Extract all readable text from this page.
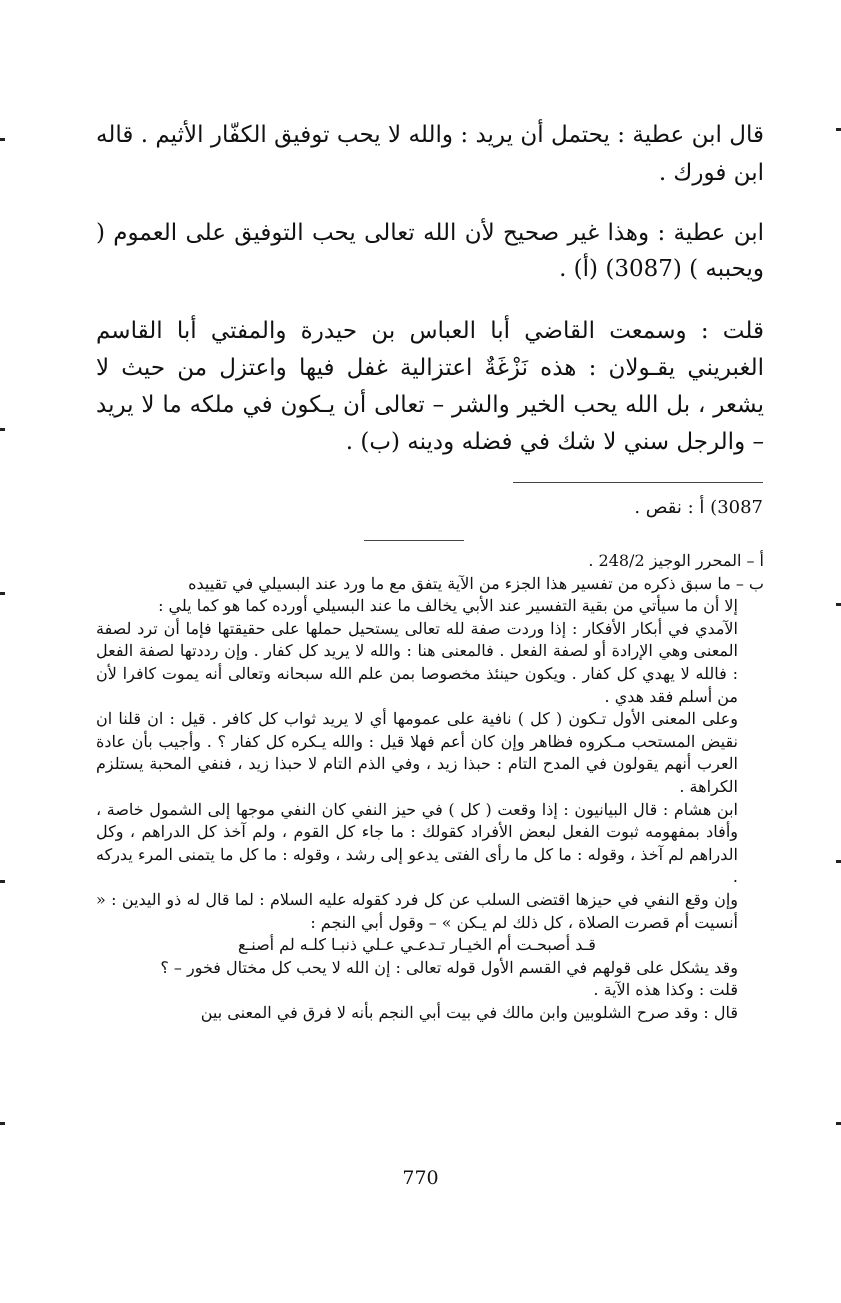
قال ابن عطية : يحتمل أن يريد : والله لا يحب توفيق الكفّار الأثيم . قاله ابن فورك .

ابن عطية : وهذا غير صحيح لأن الله تعالى يحب التوفيق على العموم ( ويحببه ) (3087) (أ) .

قلت : وسمعت القاضي أبا العباس بن حيدرة والمفتي أبا القاسم الغبريني يقـولان : هذه نَزْغَةٌ اعتزالية غفل فيها واعتزل من حيث لا يشعر ، بل الله يحب الخير والشر – تعالى أن يـكون في ملكه ما لا يريد – والرجل سني لا شك في فضله ودينه (ب) .

3087) أ : نقص .

أ – المحرر الوجيز 248/2 .

ب – ما سبق ذكره من تفسير هذا الجزء من الآية يتفق مع ما ورد عند البسيلي في تقييده

إلا أن ما سيأتي من بقية التفسير عند الأبي يخالف ما عند البسيلي أورده كما هو كما يلي :

الآمدي في أبكار الأفكار : إذا وردت صفة لله تعالى يستحيل حملها على حقيقتها فإما أن ترد لصفة المعنى وهي الإرادة أو لصفة الفعل . فالمعنى هنا : والله لا يريد كل كفار . وإن رددتها لصفة الفعل : فالله لا يهدي كل كفار . ويكون حينئذ مخصوصا بمن علم الله سبحانه وتعالى أنه يموت كافرا لأن من أسلم فقد هدي .

وعلى المعنى الأول تـكون ( كل ) نافية على عمومها أي لا يريد ثواب كل كافر . قيل : ان قلنا ان نقيض المستحب مـكروه فظاهر وإن كان أعم فهلا قيل : والله يـكره كل كفار ؟ . وأجيب بأن عادة العرب أنهم يقولون في المدح التام : حبذا زيد ، وفي الذم التام لا حبذا زيد ، فنفي المحبة يستلزم الكراهة .

ابن هشام : قال البيانيون : إذا وقعت ( كل ) في حيز النفي كان النفي موجها إلى الشمول خاصة ، وأفاد بمفهومه ثبوت الفعل لبعض الأفراد كقولك : ما جاء كل القوم ، ولم آخذ كل الدراهم ، وكل الدراهم لم آخذ ، وقوله : ما كل ما رأى الفتى يدعو إلى رشد ، وقوله : ما كل ما يتمنى المرء يدركه .

وإن وقع النفي في حيزها اقتضى السلب عن كل فرد كقوله عليه السلام : لما قال له ذو اليدين : « أنسيت أم قصرت الصلاة ، كل ذلك لم يـكن » – وقول أبي النجم :

قـد أصبحـت أم الخيـار تـدعـي عـلي ذنبـا كلـه لم أصنـع

وقد يشكل على قولهم في القسم الأول قوله تعالى : إن الله لا يحب كل مختال فخور – ؟

قلت : وكذا هذه الآية .

قال : وقد صرح الشلوبين وابن مالك في بيت أبي النجم بأنه لا فرق في المعنى بين

770
